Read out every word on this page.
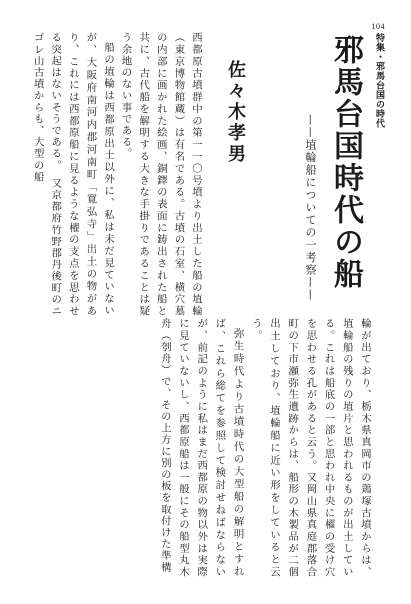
104
特集・邪馬台国の時代
邪馬台国時代の船
——埴輪船についての一考察——
佐々木孝男

西都原古墳群中の第一一〇号墳より出土した船の埴輪（東京博物館蔵）は有名である。古墳の石室、横穴墓の内部に画かれた絵画、銅鐸の表面に鋳出された船と共に、古代船を解明する大きな手掛りであることは疑う余地のない事である。

船の埴輪は西都原出土以外に、私は未だ見ていないが、大阪府南河内郡河南町「寛弘寺」出土の物があり、これには西都原船に見るような櫂の支点を思わせる突起はないそうである。　又京都府竹野郡丹後町のニゴレ山古墳からも、大型の船

輪が出ており、栃木県真岡市の鶏塚古墳からは、埴輪船の残りの埴片と思われるものが出土している。これは船底の一部と思われ中央に櫂の受け穴を思わせる孔があると云う。又岡山県真庭郡落合町の下市瀬弥生遺跡からは、船形の木製品が二個出土しており、埴輪船に近い形をしていると云う。

弥生時代より古墳時代の大型船の解明とすれば、これら総てを参照して検討せねばならないが、前記のように私はまだ西都原の物以外は実際に見ていないし、西都原船は一般にその船型丸木舟（刳舟）で、その上方に別の板を取付けた準構
